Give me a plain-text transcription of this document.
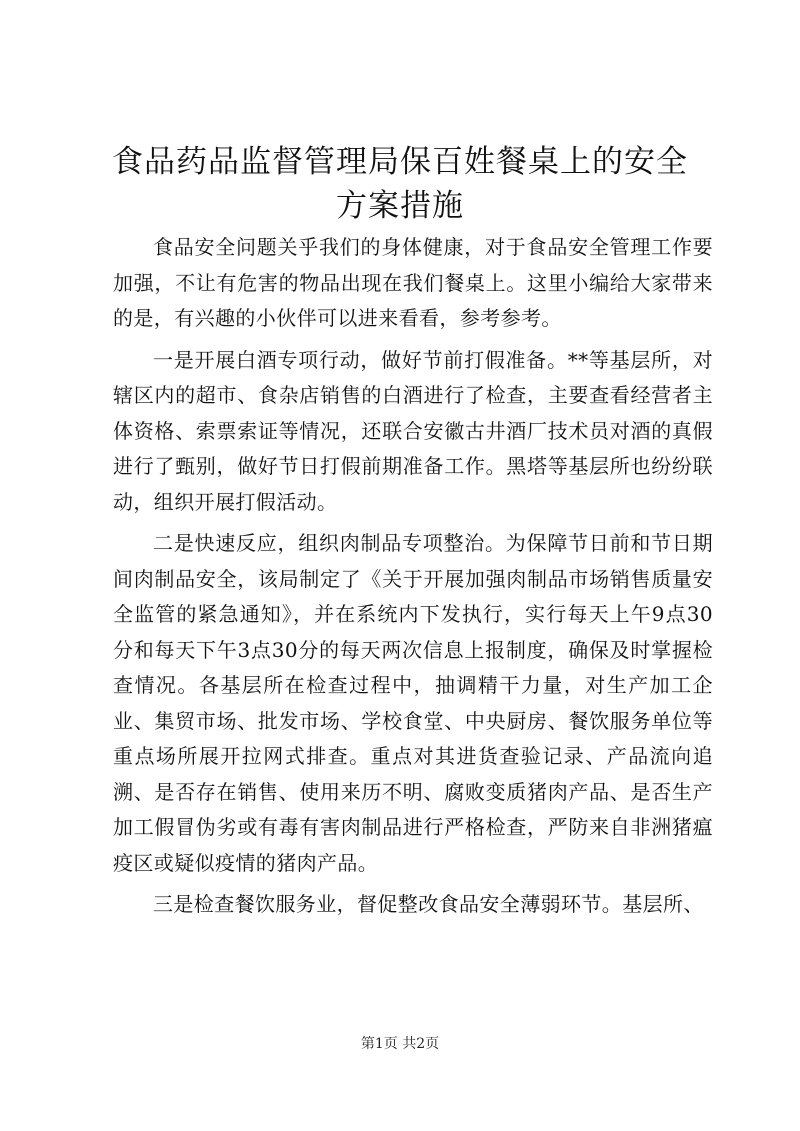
食品药品监督管理局保百姓餐桌上的安全方案措施

食品安全问题关乎我们的身体健康，对于食品安全管理工作要加强，不让有危害的物品出现在我们餐桌上。这里小编给大家带来的是，有兴趣的小伙伴可以进来看看，参考参考。

一是开展白酒专项行动，做好节前打假准备。**等基层所，对辖区内的超市、食杂店销售的白酒进行了检查，主要查看经营者主体资格、索票索证等情况，还联合安徽古井酒厂技术员对酒的真假进行了甄别，做好节日打假前期准备工作。黑塔等基层所也纷纷联动，组织开展打假活动。

二是快速反应，组织肉制品专项整治。为保障节日前和节日期间肉制品安全，该局制定了《关于开展加强肉制品市场销售质量安全监管的紧急通知》，并在系统内下发执行，实行每天上午9点30分和每天下午3点30分的每天两次信息上报制度，确保及时掌握检查情况。各基层所在检查过程中，抽调精干力量，对生产加工企业、集贸市场、批发市场、学校食堂、中央厨房、餐饮服务单位等重点场所展开拉网式排查。重点对其进货查验记录、产品流向追溯、是否存在销售、使用来历不明、腐败变质猪肉产品、是否生产加工假冒伪劣或有毒有害肉制品进行严格检查，严防来自非洲猪瘟疫区或疑似疫情的猪肉产品。

三是检查餐饮服务业，督促整改食品安全薄弱环节。基层所、

第1页 共2页
